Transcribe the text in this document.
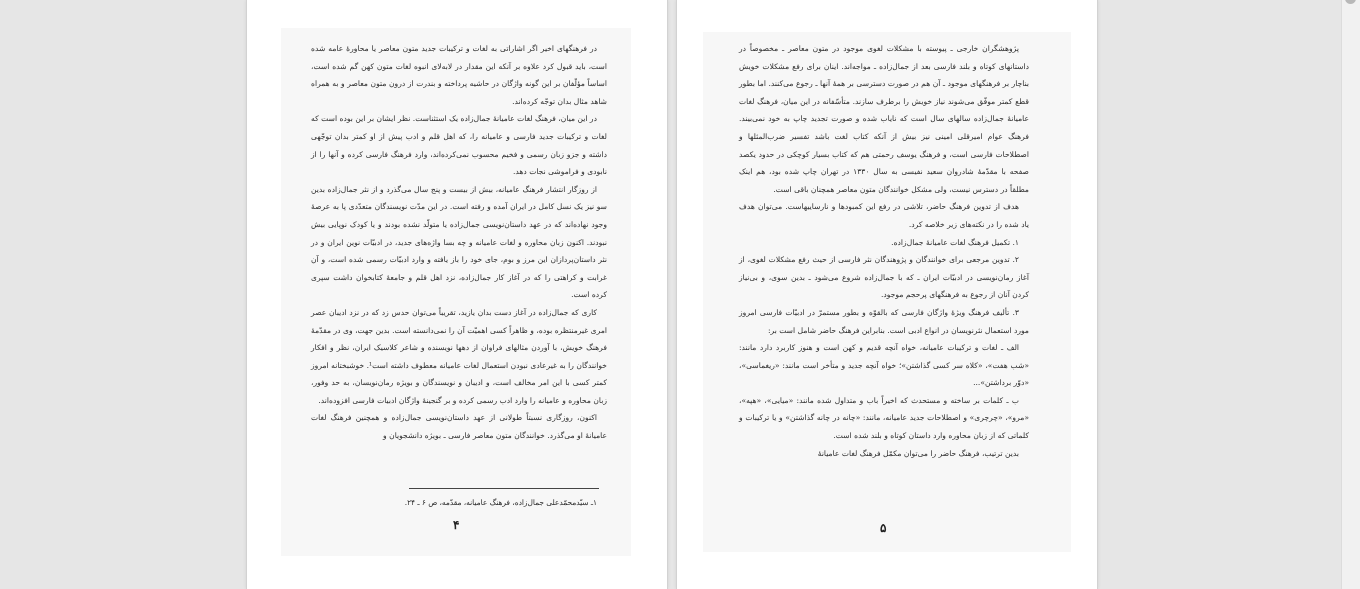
در فرهنگهای اخیر اگر اشاراتی به لغات و ترکیبات جدید متون معاصر یا محاورهٔ عامه شده است، باید قبول کرد علاوه بر آنکه این مقدار در لابه‌لای انبوه لغات متون کهن گم شده است، اساساً مؤلّفان بر این گونه واژگان در حاشیه پرداخته و بندرت از درون متون معاصر و به همراه شاهد مثال بدان توجّه کرده‌اند.

در این میان، فرهنگ لغات عامیانهٔ جمال‌زاده یک استثناست. نظر ایشان بر این بوده است که لغات و ترکیبات جدید فارسی و عامیانه را، که اهل قلم و ادب پیش از او کمتر بدان توجّهی داشته و جزو زبان رسمی و فخیم محسوب نمی‌کرده‌اند، وارد فرهنگ فارسی کرده و آنها را از نابودی و فراموشی نجات دهد.

از روزگار انتشار فرهنگ عامیانه، بیش از بیست و پنج سال می‌گذرد و از نثر جمال‌زاده بدین سو نیز یک نسل کامل در ایران آمده و رفته است. در این مدّت نویسندگان متعدّدی پا به عرصهٔ وجود نهاده‌اند که در عهد داستان‌نویسی جمال‌زاده یا متولّد نشده بودند و یا کودک نوپایی بیش نبودند. اکنون زبان محاوره و لغات عامیانه و چه بسا واژه‌های جدید، در ادبیّات نوین ایران و در نثر داستان‌پردازان این مرز و بوم، جای خود را باز یافته و وارد ادبیّات رسمی شده است، و آن غرابت و کراهتی را که در آغاز کار جمال‌زاده، نزد اهل قلم و جامعهٔ کتابخوان داشت سپری کرده است.

کاری که جمال‌زاده در آغاز دست بدان یازید، تقریباً می‌توان حدس زد که در نزد ادیبان عصر امری غیرمنتظره بوده، و ظاهراً کسی اهمیّت آن را نمی‌دانسته است. بدین جهت، وی در مقدّمهٔ فرهنگ خویش، با آوردن مثالهای فراوان از دهها نویسنده و شاعر کلاسیک ایران، نظر و افکار خوانندگان را به غیرعادی نبودن استعمال لغات عامیانه معطوف داشته است¹. خوشبختانه امروز کمتر کسی با این امر مخالف است، و ادیبان و نویسندگان و بویژه رمان‌نویسان، به حد وفور، زبان محاوره و عامیانه را وارد ادب رسمی کرده و بر گنجینهٔ واژگان ادبیات فارسی افزوده‌اند.

اکنون، روزگاری نسبتاً طولانی از عهد داستان‌نویسی جمال‌زاده و همچنین فرهنگ لغات عامیانهٔ او می‌گذرد. خوانندگان متون معاصر فارسی ـ بویژه دانشجویان و

۱ـ سیّدمحمّدعلی جمال‌زاده، فرهنگ عامیانه، مقدّمه، ص ۶ ـ ۲۴.
۴

پژوهشگران خارجی ـ پیوسته با مشکلات لغوی موجود در متون معاصر ـ مخصوصاً در داستانهای کوتاه و بلند فارسی بعد از جمال‌زاده ـ مواجه‌اند. اینان برای رفع مشکلات خویش بناچار بر فرهنگهای موجود ـ آن هم در صورت دسترسی بر همهٔ آنها ـ رجوع می‌کنند. اما بطور قطع کمتر موفّق می‌شوند نیاز خویش را برطرف سازند. متأسّفانه در این میان، فرهنگ لغات عامیانهٔ جمال‌زاده سالهای سال است که نایاب شده و صورت تجدید چاپ به خود نمی‌بیند. فرهنگ عوام امیرقلی امینی نیز بیش از آنکه کتاب لغت باشد تفسیر ضرب‌المثلها و اصطلاحات فارسی است، و فرهنگ یوسف رحمتی هم که کتاب بسیار کوچکی در حدود یکصد صفحه با مقدّمهٔ شادروان سعید نفیسی به سال ۱۳۳۰ در تهران چاپ شده بود، هم اینک مطلقاً در دسترس نیست، ولی مشکل خوانندگان متون معاصر همچنان باقی است.

هدف از تدوین فرهنگ حاضر، تلاشی در رفع این کمبودها و نارساییهاست. می‌توان هدف یاد شده را در نکته‌های زیر خلاصه کرد.

۱. تکمیل فرهنگ لغات عامیانهٔ جمال‌زاده.

۲. تدوین مرجعی برای خوانندگان و پژوهندگان نثر فارسی از حیث رفع مشکلات لغوی، از آغاز رمان‌نویسی در ادبیّات ایران ـ که با جمال‌زاده شروع می‌شود ـ بدین سوی، و بی‌نیاز کردن آنان از رجوع به فرهنگهای پرحجم موجود.

۳. تألیف فرهنگ ویژهٔ واژگان فارسی که بالقوّه و بطور مستمرّ در ادبیّات فارسی امروز مورد استعمال نثرنویسان در انواع ادبی است. بنابراین فرهنگ حاضر شامل است بر:

الف ـ لغات و ترکیبات عامیانه، خواه آنچه قدیم و کهن است و هنوز کاربرد دارد مانند: «شب هفت»، «کلاه سر کسی گذاشتن»؛ خواه آنچه جدید و متأخر است مانند: «ریغماسی»، «دوّر برداشتن»...

ب ـ کلمات بر ساخته و مستحدث که اخیراً باب و متداول شده مانند: «میایی»، «هپه»، «مرو»، «چرچری» و اصطلاحات جدید عامیانه، مانند: «چانه در چانه گذاشتن» و یا ترکیبات و کلماتی که از زبان محاوره وارد داستان کوتاه و بلند شده است.

بدین ترتیب، فرهنگ حاضر را می‌توان مکمّل فرهنگ لغات عامیانهٔ

۵
